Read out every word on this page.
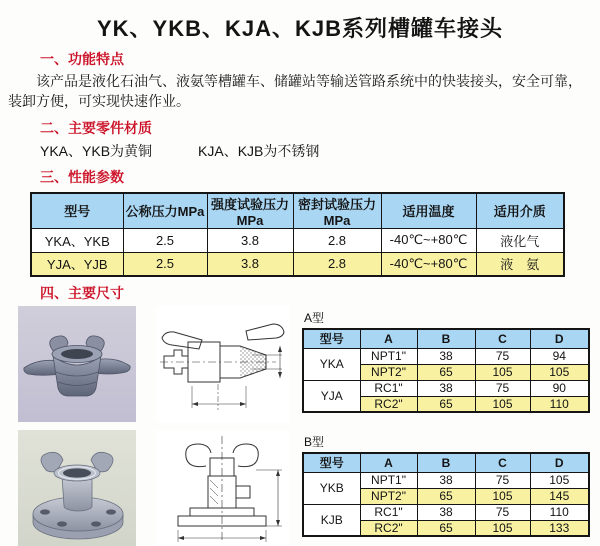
YK、YKB、KJA、KJB系列槽罐车接头
一、功能特点

该产品是液化石油气、液氨等槽罐车、储罐站等输送管路系统中的快装接头，安全可靠，装卸方便，可实现快速作业。

二、主要零件材质
YKA、YKB为黄铜	KJA、KJB为不锈钢
三、性能参数
型号	公称压力MPa	强度试验压力MPa	密封试验压力MPa	适用温度	适用介质
YKA、YKB	2.5	3.8	2.8	-40℃~+80℃	液化气
YJA、YJB	2.5	3.8	2.8	-40℃~+80℃	液　氨
四、主要尺寸
A型
型号	A	B	C	D
YKA	NPT1"	38	75	94
	NPT2"	65	105	105
YJA	RC1"	38	75	90
	RC2"	65	105	110
B型
型号	A	B	C	D
YKB	NPT1"	38	75	105
	NPT2"	65	105	145
KJB	RC1"	38	75	110
	RC2"	65	105	133
